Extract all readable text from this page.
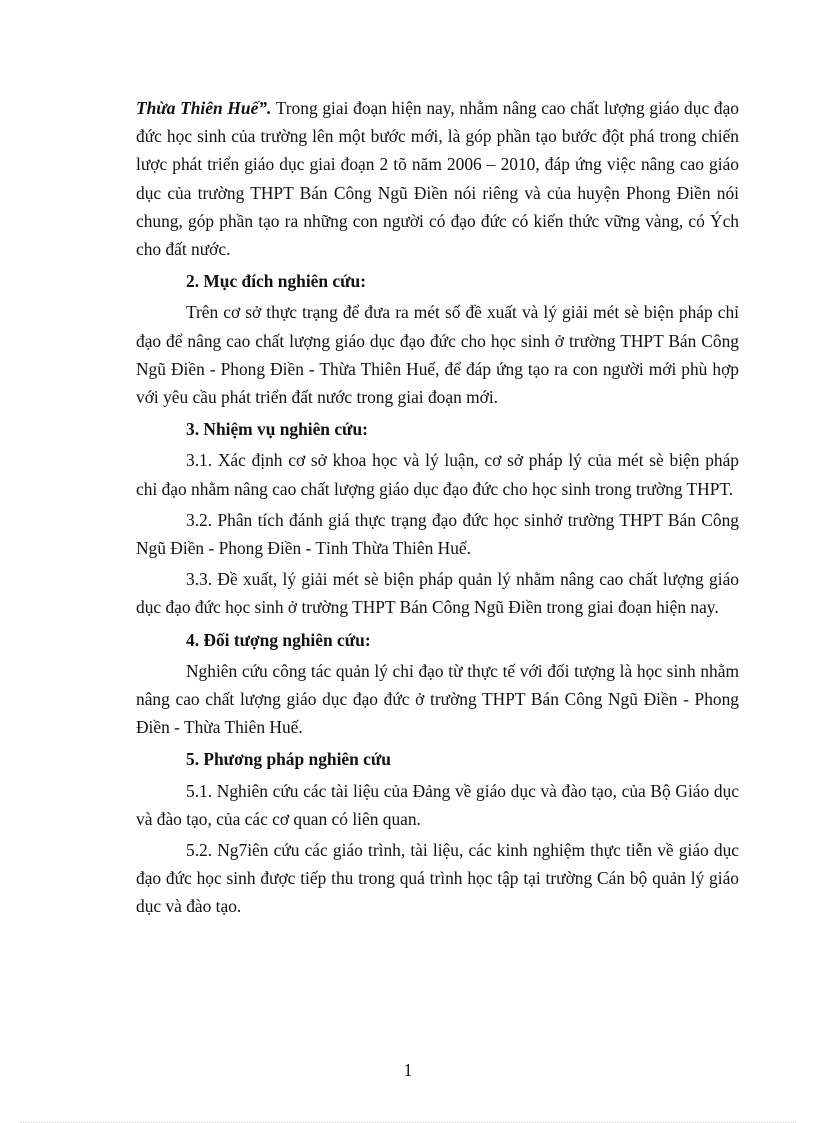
Thừa Thiên Huế”. Trong giai đoạn hiện nay, nhằm nâng cao chất lượng giáo dục đạo đức học sinh của trường lên một bước mới, là góp phần tạo bước đột phá trong chiến lược phát triển giáo dục giai đoạn 2 tõ năm 2006 – 2010, đáp ứng việc nâng cao giáo dục của trường THPT Bán Công Ngũ Điền nói riêng và của huyện Phong Điền nói chung, góp phần tạo ra những con người có đạo đức có kiến thức vững vàng, có Ých cho đất nước.

2. Mục đích nghiên cứu:

Trên cơ sở thực trạng để đưa ra mét số đề xuất và lý giải mét sè biện pháp chỉ đạo để nâng cao chất lượng giáo dục đạo đức cho học sinh ở trường THPT Bán Công Ngũ Điền - Phong Điền - Thừa Thiên Huế, để đáp ứng tạo ra con người mới phù hợp với yêu cầu phát triển đất nước trong giai đoạn mới.

3. Nhiệm vụ nghiên cứu:

3.1. Xác định cơ sở khoa học và lý luận, cơ sở pháp lý của mét sè biện pháp chỉ đạo nhằm nâng cao chất lượng giáo dục đạo đức cho học sinh trong trường THPT.

3.2. Phân tích đánh giá thực trạng đạo đức học sinhở trường THPT Bán Công Ngũ Điền - Phong Điền - Tỉnh Thừa Thiên Huế.

3.3. Đề xuất, lý giải mét sè biện pháp quản lý nhằm nâng cao chất lượng giáo dục đạo đức học sinh ở trường THPT Bán Công Ngũ Điền trong giai đoạn hiện nay.

4. Đối tượng nghiên cứu:

Nghiên cứu công tác quản lý chỉ đạo từ thực tế với đối tượng là học sinh nhằm nâng cao chất lượng giáo dục đạo đức ở trường THPT Bán Công Ngũ Điền - Phong Điền - Thừa Thiên Huế.

5. Phương pháp nghiên cứu

5.1. Nghiên cứu các tài liệu của Đảng về giáo dục và đào tạo, của Bộ Giáo dục và đào tạo, của các cơ quan có liên quan.

5.2. Ng7iên cứu các giáo trình, tài liệu, các kinh nghiệm thực tiễn về giáo dục đạo đức học sinh được tiếp thu trong quá trình học tập tại trường Cán bộ quản lý giáo dục và đào tạo.

1
